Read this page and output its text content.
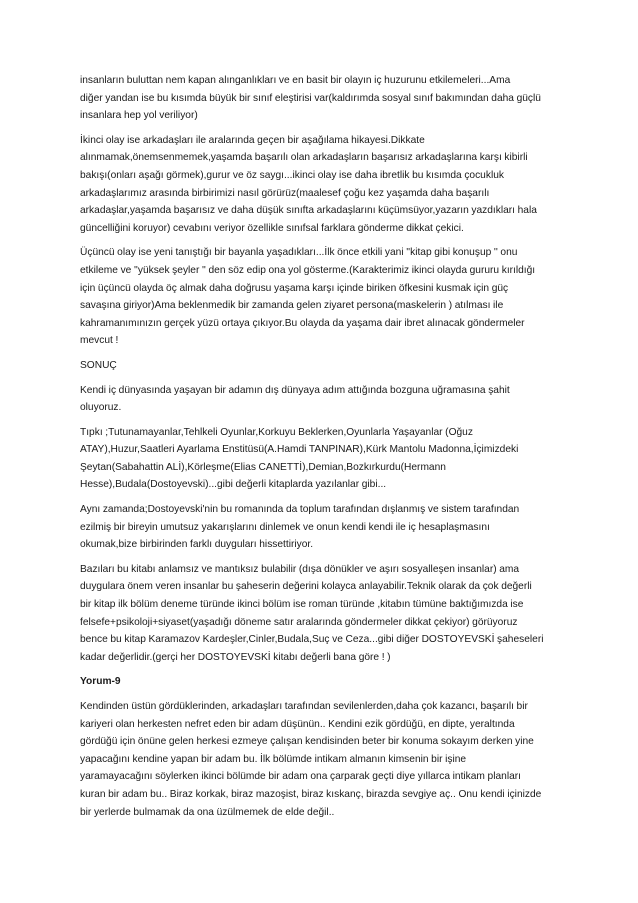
insanların buluttan nem kapan alınganlıkları ve en basit bir olayın iç huzurunu etkilemeleri...Ama
diğer yandan ise bu kısımda büyük bir sınıf eleştirisi var(kaldırımda sosyal sınıf bakımından daha güçlü
insanlara hep yol veriliyor)

İkinci olay ise arkadaşları ile aralarında geçen bir aşağılama hikayesi.Dikkate
alınmamak,önemsenmemek,yaşamda başarılı olan arkadaşların başarısız arkadaşlarına karşı kibirli
bakışı(onları aşağı görmek),gurur ve öz saygı...ikinci olay ise daha ibretlik bu kısımda çocukluk
arkadaşlarımız arasında birbirimizi nasıl görürüz(maalesef çoğu kez yaşamda daha başarılı
arkadaşlar,yaşamda başarısız ve daha düşük sınıfta arkadaşlarını küçümsüyor,yazarın yazdıkları hala
güncelliğini koruyor) cevabını veriyor özellikle sınıfsal farklara gönderme dikkat çekici.

Üçüncü olay ise yeni tanıştığı bir bayanla yaşadıkları...İlk önce etkili yani ''kitap gibi konuşup '' onu
etkileme ve ''yüksek şeyler '' den söz edip ona yol gösterme.(Karakterimiz ikinci olayda gururu kırıldığı
için üçüncü olayda öç almak daha doğrusu yaşama karşı içinde biriken öfkesini kusmak için güç
savaşına giriyor)Ama beklenmedik bir zamanda gelen ziyaret persona(maskelerin ) atılması ile
kahramanımınızın gerçek yüzü ortaya çıkıyor.Bu olayda da yaşama dair ibret alınacak göndermeler
mevcut !

SONUÇ

Kendi iç dünyasında yaşayan bir adamın dış dünyaya adım attığında bozguna uğramasına şahit
oluyoruz.

Tıpkı ;Tutunamayanlar,Tehlkeli Oyunlar,Korkuyu Beklerken,Oyunlarla Yaşayanlar (Oğuz
ATAY),Huzur,Saatleri Ayarlama Enstitüsü(A.Hamdi TANPINAR),Kürk Mantolu Madonna,İçimizdeki
Şeytan(Sabahattin ALİ),Körleşme(Elias CANETTİ),Demian,Bozkırkurdu(Hermann
Hesse),Budala(Dostoyevski)...gibi değerli kitaplarda yazılanlar gibi...

Aynı zamanda;Dostoyevski'nin bu romanında da toplum tarafından dışlanmış ve sistem tarafından
ezilmiş bir bireyin umutsuz yakarışlarını dinlemek ve onun kendi kendi ile iç hesaplaşmasını
okumak,bize birbirinden farklı duyguları hissettiriyor.

Bazıları bu kitabı anlamsız ve mantıksız bulabilir (dışa dönükler ve aşırı sosyalleşen insanlar) ama
duygulara önem veren insanlar bu şaheserin değerini kolayca anlayabilir.Teknik olarak da çok değerli
bir kitap ilk bölüm deneme türünde ikinci bölüm ise roman türünde ,kitabın tümüne baktığımızda ise
felsefe+psikoloji+siyaset(yaşadığı döneme satır aralarında göndermeler dikkat çekiyor) görüyoruz
bence bu kitap Karamazov Kardeşler,Cinler,Budala,Suç ve Ceza...gibi diğer DOSTOYEVSKİ şaheseleri
kadar değerlidir.(gerçi her DOSTOYEVSKİ kitabı değerli bana göre ! )

Yorum-9

Kendinden üstün gördüklerinden, arkadaşları tarafından sevilenlerden,daha çok kazancı, başarılı bir
kariyeri olan herkesten nefret eden bir adam düşünün.. Kendini ezik gördüğü, en dipte, yeraltında
gördüğü için önüne gelen herkesi ezmeye çalışan kendisinden beter bir konuma sokayım derken yine
yapacağını kendine yapan bir adam bu. İlk bölümde intikam almanın kimsenin bir işine
yaramayacağını söylerken ikinci bölümde bir adam ona çarparak geçti diye yıllarca intikam planları
kuran bir adam bu.. Biraz korkak, biraz mazoşist, biraz kıskanç, birazda sevgiye aç.. Onu kendi içinizde
bir yerlerde bulmamak da ona üzülmemek de elde değil..
